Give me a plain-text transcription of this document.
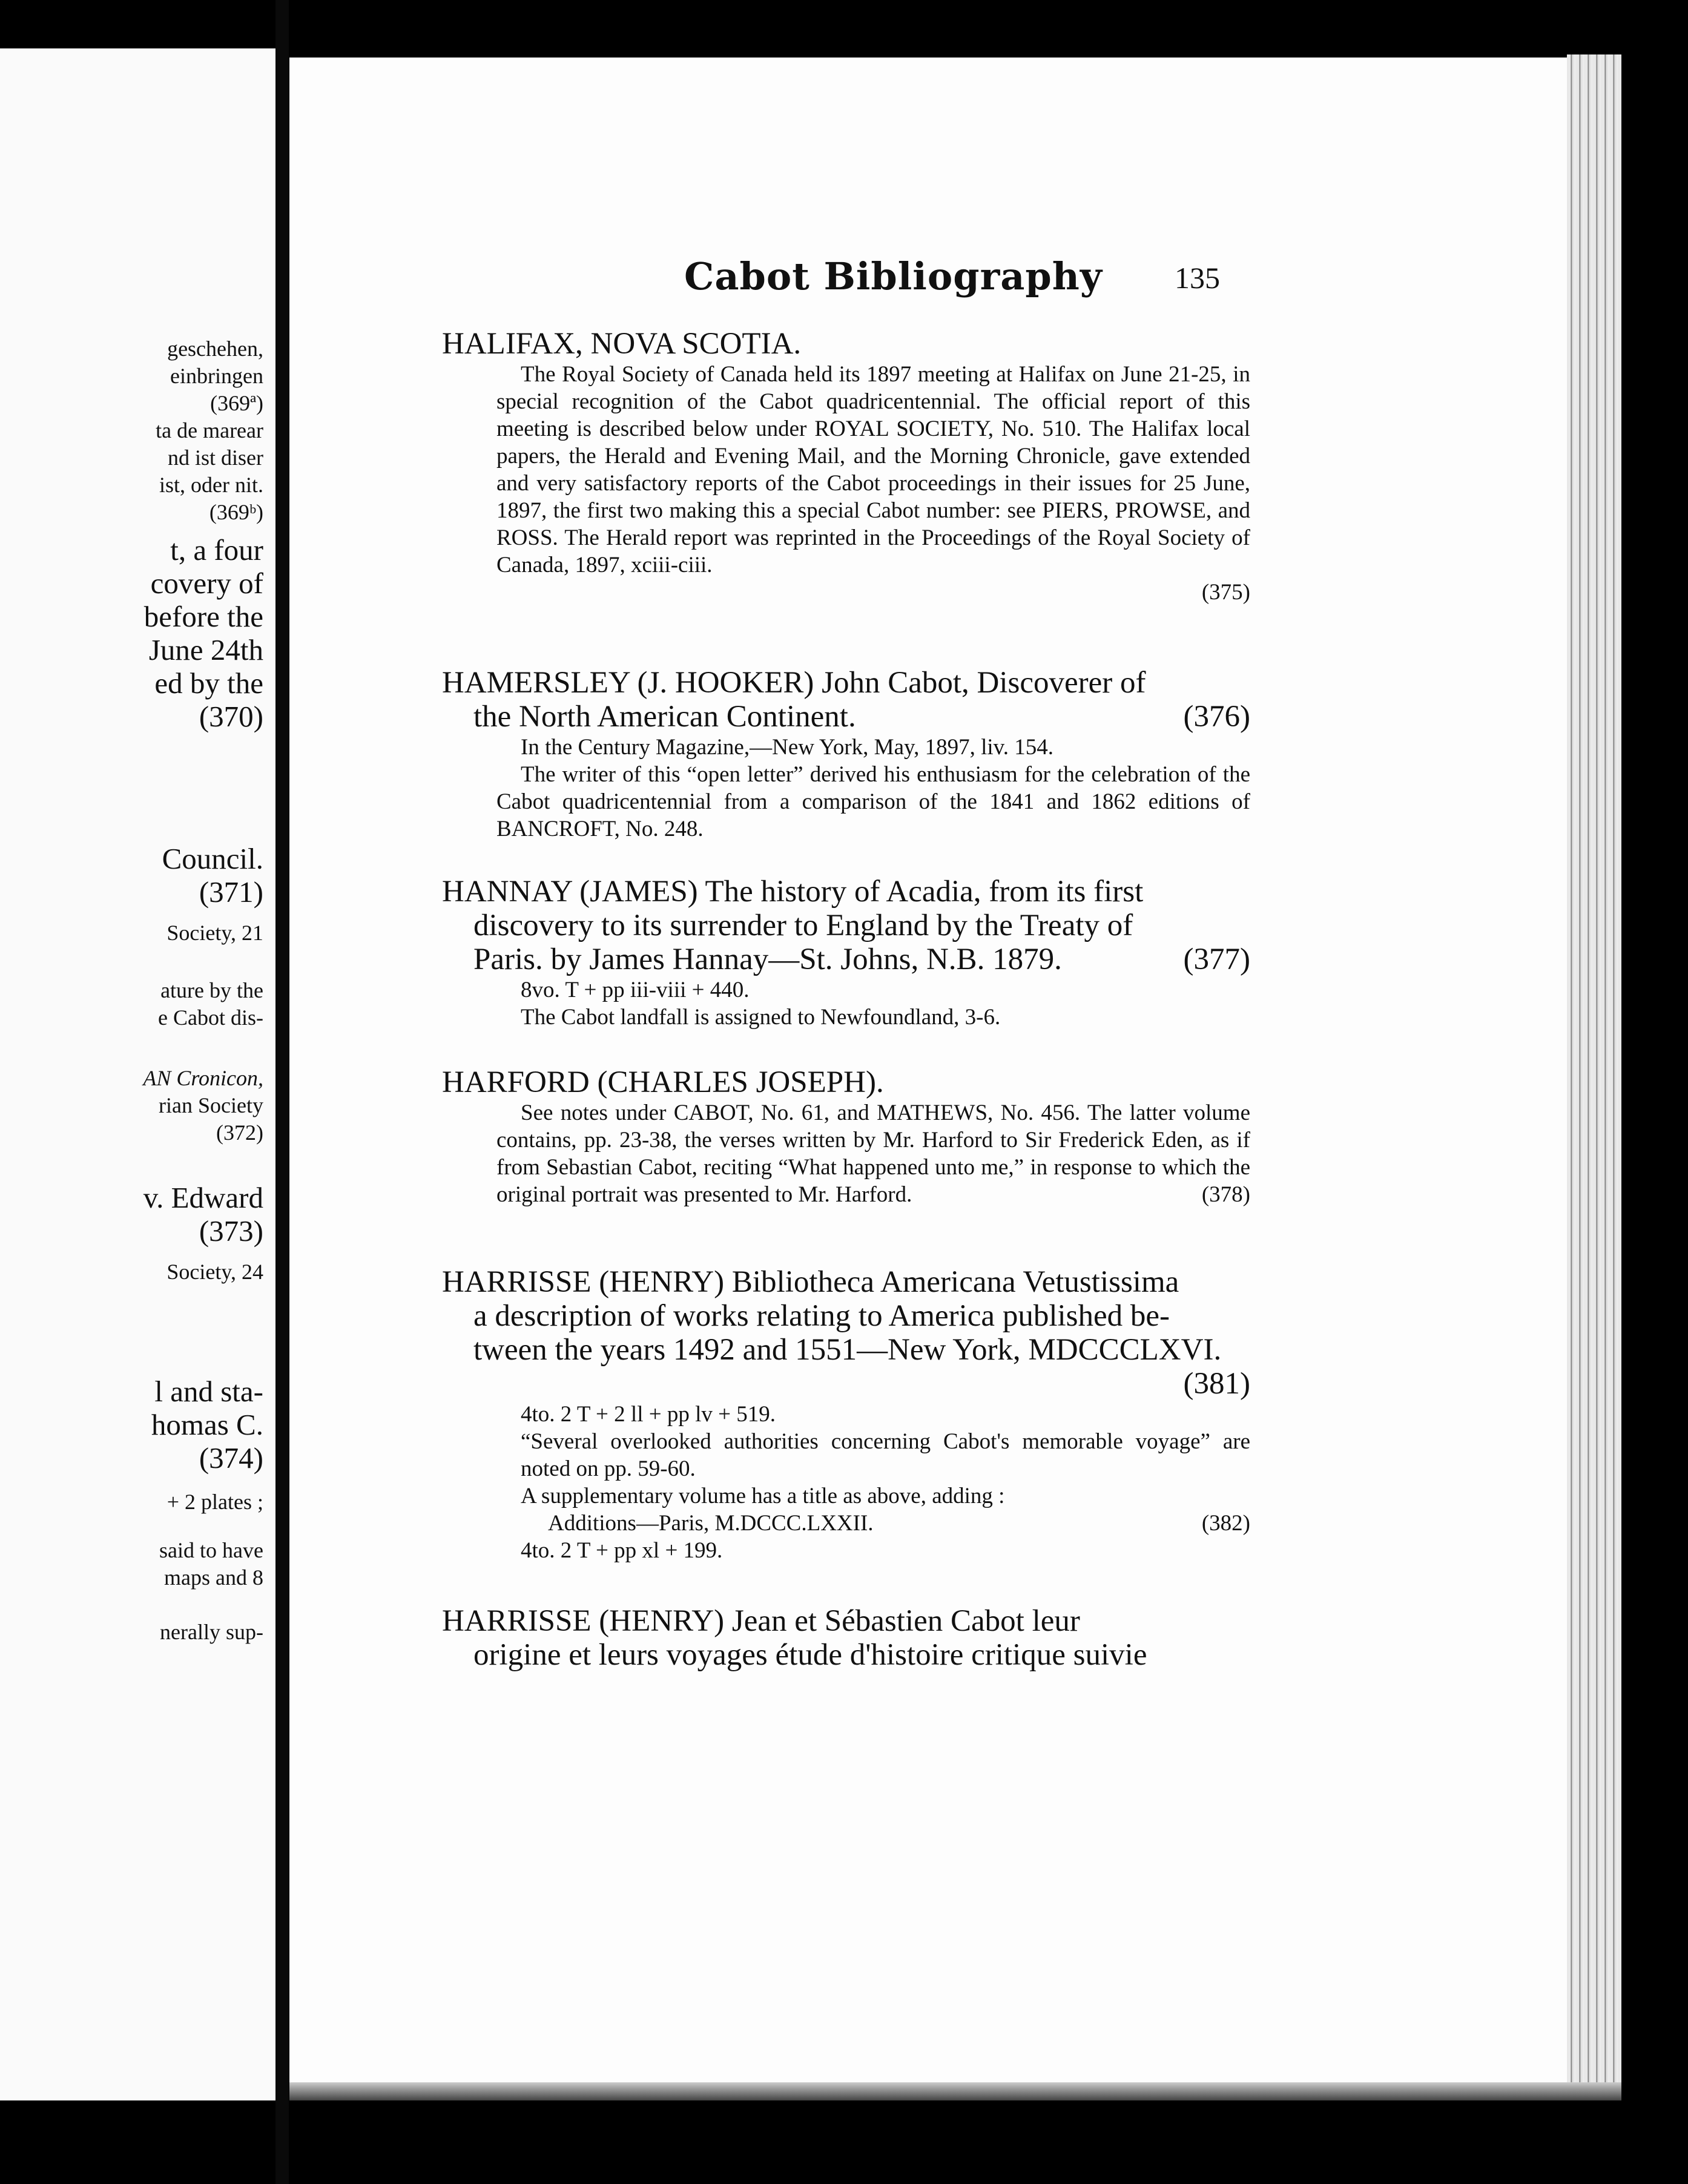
geschehen,
einbringen
(369ª)
ta de marear
nd ist diser
ist, oder nit.
(369ᵇ)
t, a four
covery of
before the
June 24th
ed by the
(370)
Council.
(371)
Society, 21
ature by the
e Cabot dis-
AN Cronicon,
rian Society
(372)
v. Edward
(373)
Society, 24
l and sta-
homas C.
(374)
+ 2 plates ;
said to have
maps and 8
nerally sup-
Cabot Bibliography 135

HALIFAX, NOVA SCOTIA.

The Royal Society of Canada held its 1897 meeting at Halifax on June 21-25, in special recognition of the Cabot quadricentennial. The official report of this meeting is described below under ROYAL SOCIETY, No. 510. The Halifax local papers, the Herald and Evening Mail, and the Morning Chronicle, gave extended and very satisfactory reports of the Cabot proceedings in their issues for 25 June, 1897, the first two making this a special Cabot number: see PIERS, PROWSE, and ROSS. The Herald report was reprinted in the Proceedings of the Royal Society of Canada, 1897, xciii-ciii.

(375)

HAMERSLEY (J. HOOKER) John Cabot, Discoverer of
the North American Continent.	(376)

In the Century Magazine,—New York, May, 1897, liv. 154.

The writer of this “open letter” derived his enthusiasm for the celebration of the Cabot quadricentennial from a comparison of the 1841 and 1862 editions of BANCROFT, No. 248.

HANNAY (JAMES) The history of Acadia, from its first
discovery to its surrender to England by the Treaty of
Paris. by James Hannay—St. Johns, N.B. 1879.	(377)

8vo. T + pp iii-viii + 440.

The Cabot landfall is assigned to Newfoundland, 3-6.

HARFORD (CHARLES JOSEPH).

See notes under CABOT, No. 61, and MATHEWS, No. 456. The latter volume contains, pp. 23-38, the verses written by Mr. Harford to Sir Frederick Eden, as if from Sebastian Cabot, reciting “What happened unto me,” in response to which the original portrait was presented to Mr. Harford.	(378)

HARRISSE (HENRY) Bibliotheca Americana Vetustissima
a description of works relating to America published be-
tween the years 1492 and 1551—New York, MDCCCLXVI.
(381)

4to. 2 T + 2 ll + pp lv + 519.

“Several overlooked authorities concerning Cabot's memorable voyage” are noted on pp. 59-60.

A supplementary volume has a title as above, adding :

Additions—Paris, M.DCCC.LXXII.	(382)

4to. 2 T + pp xl + 199.

HARRISSE (HENRY) Jean et Sébastien Cabot leur
origine et leurs voyages étude d'histoire critique suivie
